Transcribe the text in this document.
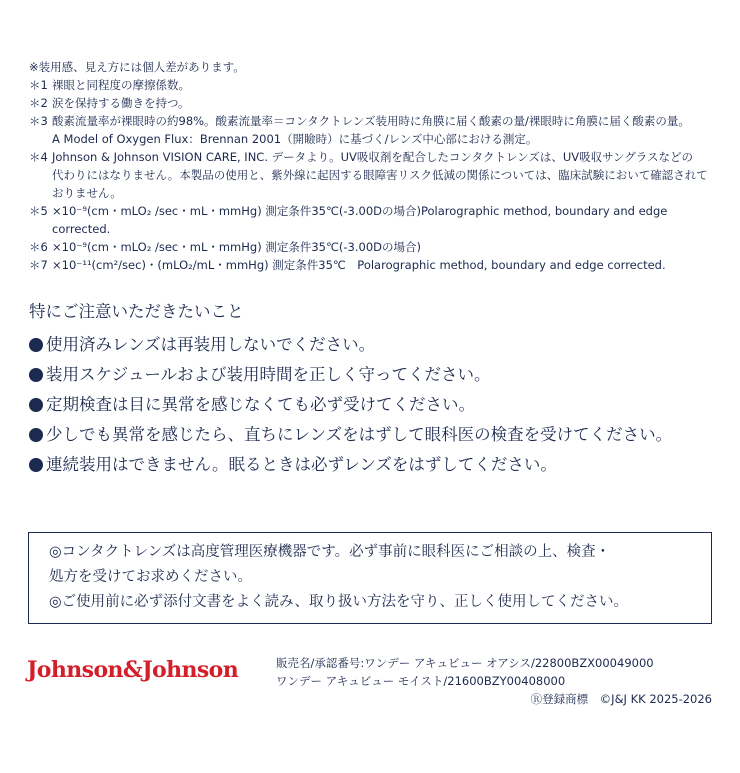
※装用感、見え方には個人差があります。
＊1 裸眼と同程度の摩擦係数。
＊2 涙を保持する働きを持つ。
＊3 酸素流量率が裸眼時の約98%。酸素流量率＝コンタクトレンズ装用時に角膜に届く酸素の量/裸眼時に角膜に届く酸素の量。
A Model of Oxygen Flux：Brennan 2001（開瞼時）に基づく/レンズ中心部における測定。
＊4 Johnson & Johnson VISION CARE, INC. データより。UV吸収剤を配合したコンタクトレンズは、UV吸収サングラスなどの
代わりにはなりません。本製品の使用と、紫外線に起因する眼障害リスク低減の関係については、臨床試験において確認されて
おりません。
＊5 ×10⁻⁹(cm・mLO₂ /sec・mL・mmHg) 測定条件35℃(-3.00Dの場合)Polarographic method, boundary and edge
corrected.
＊6 ×10⁻⁹(cm・mLO₂ /sec・mL・mmHg) 測定条件35℃(-3.00Dの場合)
＊7 ×10⁻¹¹(cm²/sec)・(mLO₂/mL・mmHg) 測定条件35℃　Polarographic method, boundary and edge corrected.
特にご注意いただきたいこと
使用済みレンズは再装用しないでください。
装用スケジュールおよび装用時間を正しく守ってください。
定期検査は目に異常を感じなくても必ず受けてください。
少しでも異常を感じたら、直ちにレンズをはずして眼科医の検査を受けてください。
連続装用はできません。眠るときは必ずレンズをはずしてください。
◎コンタクトレンズは高度管理医療機器です。必ず事前に眼科医にご相談の上、検査・
処方を受けてお求めください。
◎ご使用前に必ず添付文書をよく読み、取り扱い方法を守り、正しく使用してください。
Johnson&Johnson	販売名/承認番号:ワンデー アキュビュー オアシス/22800BZX00049000
ワンデー アキュビュー モイスト/21600BZY00408000
Ⓡ登録商標　©J&J KK 2025-2026
